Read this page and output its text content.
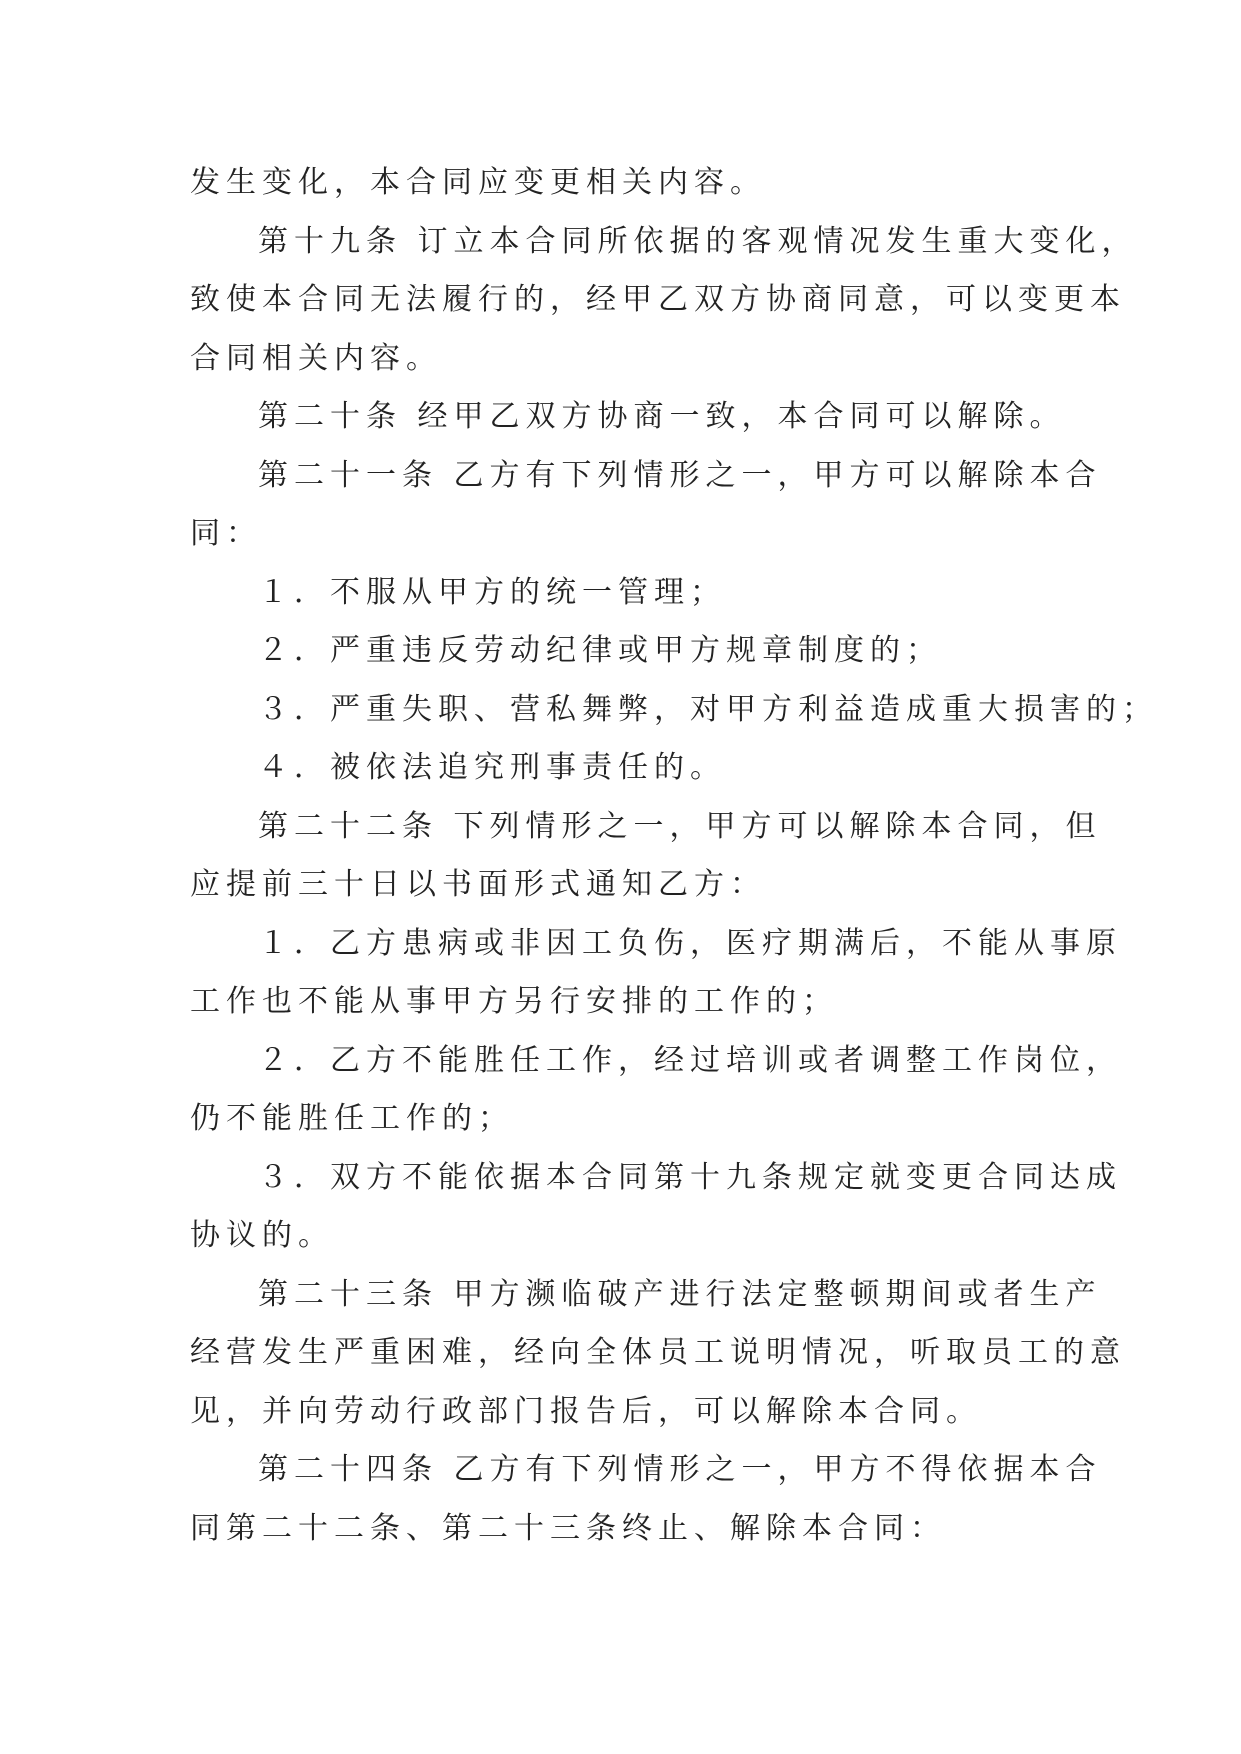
发生变化，本合同应变更相关内容。
第十九条 订立本合同所依据的客观情况发生重大变化，
致使本合同无法履行的，经甲乙双方协商同意，可以变更本
合同相关内容。
第二十条 经甲乙双方协商一致，本合同可以解除。
第二十一条 乙方有下列情形之一，甲方可以解除本合
同：
１．不服从甲方的统一管理；
２．严重违反劳动纪律或甲方规章制度的；
３．严重失职、营私舞弊，对甲方利益造成重大损害的；
４．被依法追究刑事责任的。
第二十二条 下列情形之一，甲方可以解除本合同，但
应提前三十日以书面形式通知乙方：
１．乙方患病或非因工负伤，医疗期满后，不能从事原
工作也不能从事甲方另行安排的工作的；
２．乙方不能胜任工作，经过培训或者调整工作岗位，
仍不能胜任工作的；
３．双方不能依据本合同第十九条规定就变更合同达成
协议的。
第二十三条 甲方濒临破产进行法定整顿期间或者生产
经营发生严重困难，经向全体员工说明情况，听取员工的意
见，并向劳动行政部门报告后，可以解除本合同。
第二十四条 乙方有下列情形之一，甲方不得依据本合
同第二十二条、第二十三条终止、解除本合同：
